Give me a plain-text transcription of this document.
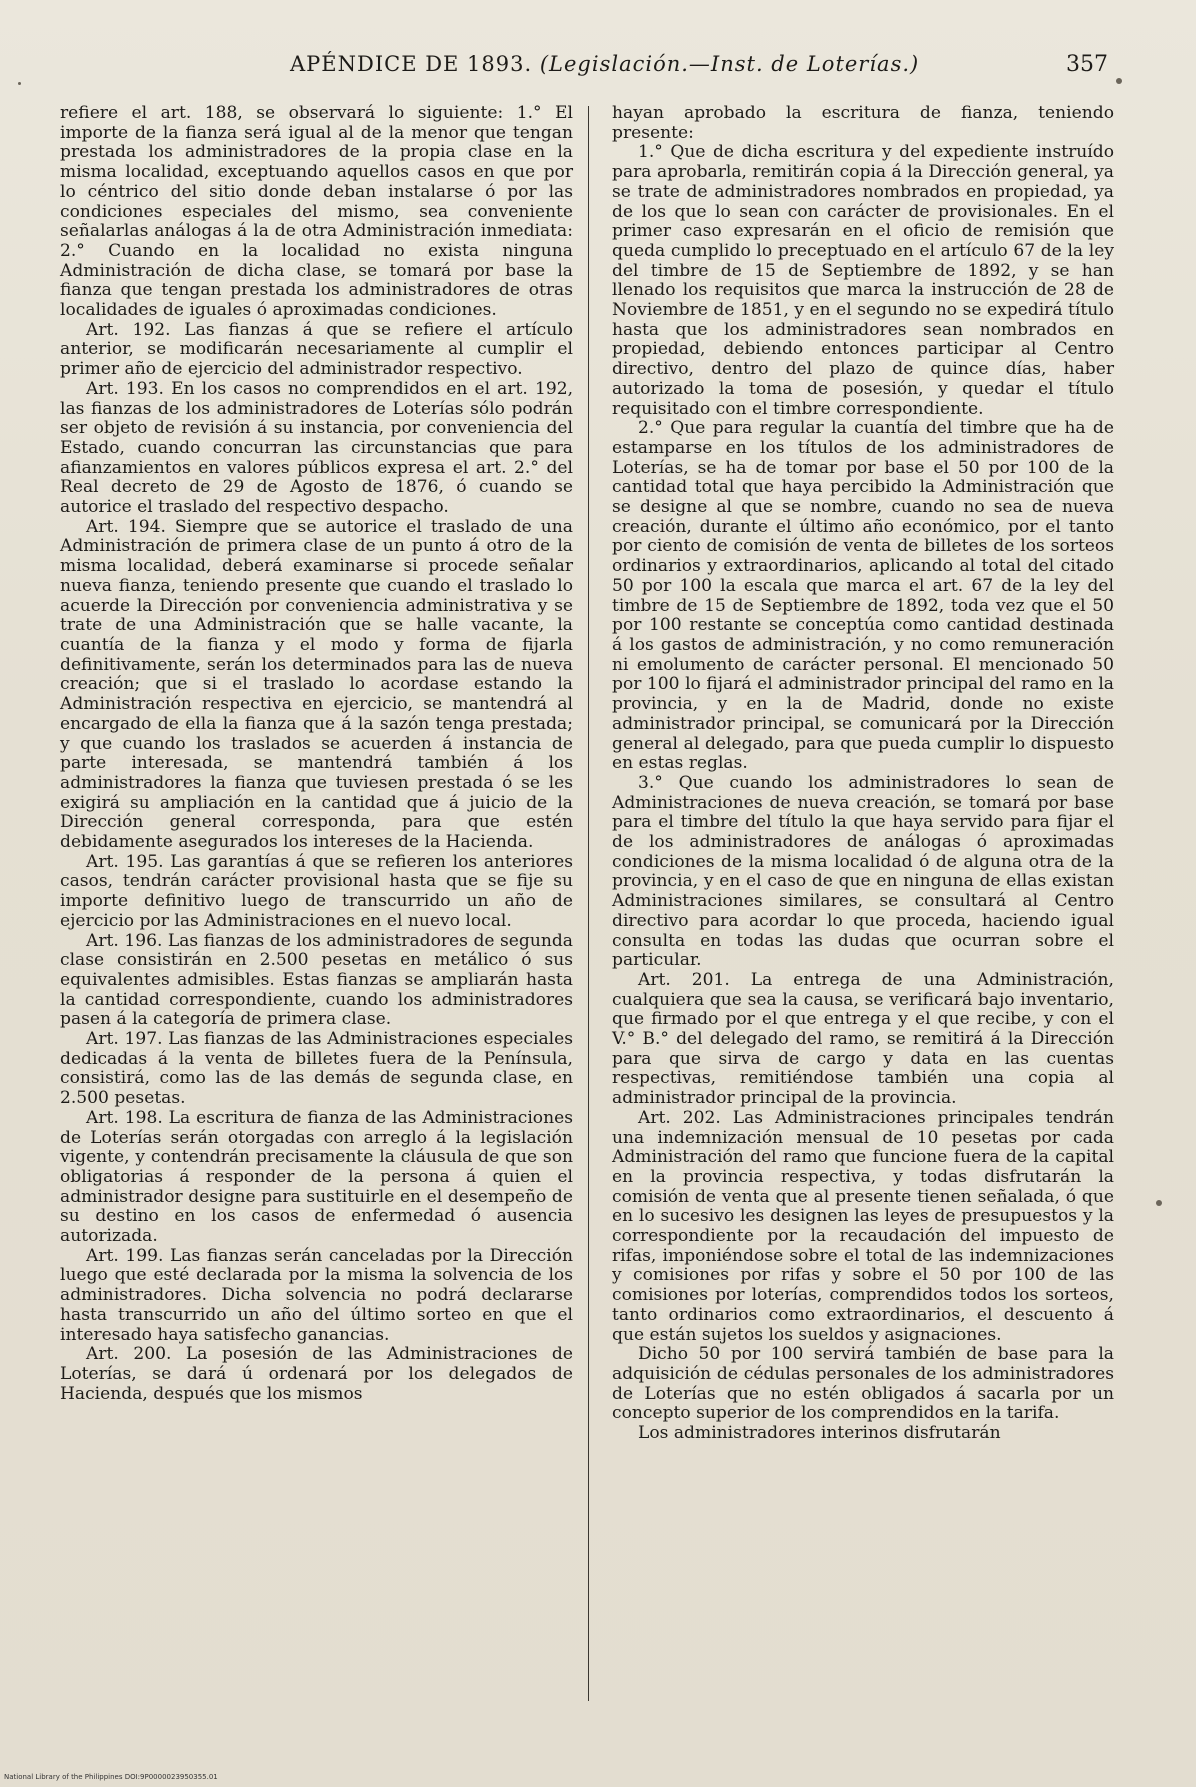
APÉNDICE DE 1893. (Legislación.—Inst. de Loterías.)	357

refiere el art. 188, se observará lo siguiente: 1.° El importe de la fianza será igual al de la menor que tengan prestada los administradores de la propia clase en la misma localidad, exceptuando aquellos casos en que por lo céntrico del sitio donde deban instalarse ó por las condiciones especiales del mismo, sea conveniente señalarlas análogas á la de otra Administración inmediata: 2.° Cuando en la localidad no exista ninguna Administración de dicha clase, se tomará por base la fianza que tengan prestada los administradores de otras localidades de iguales ó aproximadas condiciones.

Art. 192. Las fianzas á que se refiere el artículo anterior, se modificarán necesariamente al cumplir el primer año de ejercicio del administrador respectivo.

Art. 193. En los casos no comprendidos en el art. 192, las fianzas de los administradores de Loterías sólo podrán ser objeto de revisión á su instancia, por conveniencia del Estado, cuando concurran las circunstancias que para afianzamientos en valores públicos expresa el art. 2.° del Real decreto de 29 de Agosto de 1876, ó cuando se autorice el traslado del respectivo despacho.

Art. 194. Siempre que se autorice el traslado de una Administración de primera clase de un punto á otro de la misma localidad, deberá examinarse si procede señalar nueva fianza, teniendo presente que cuando el traslado lo acuerde la Dirección por conveniencia administrativa y se trate de una Administración que se halle vacante, la cuantía de la fianza y el modo y forma de fijarla definitivamente, serán los determinados para las de nueva creación; que si el traslado lo acordase estando la Administración respectiva en ejercicio, se mantendrá al encargado de ella la fianza que á la sazón tenga prestada; y que cuando los traslados se acuerden á instancia de parte interesada, se mantendrá también á los administradores la fianza que tuviesen prestada ó se les exigirá su ampliación en la cantidad que á juicio de la Dirección general corresponda, para que estén debidamente asegurados los intereses de la Hacienda.

Art. 195. Las garantías á que se refieren los anteriores casos, tendrán carácter provisional hasta que se fije su importe definitivo luego de transcurrido un año de ejercicio por las Administraciones en el nuevo local.

Art. 196. Las fianzas de los administradores de segunda clase consistirán en 2.500 pesetas en metálico ó sus equivalentes admisibles. Estas fianzas se ampliarán hasta la cantidad correspondiente, cuando los administradores pasen á la categoría de primera clase.

Art. 197. Las fianzas de las Administraciones especiales dedicadas á la venta de billetes fuera de la Península, consistirá, como las de las demás de segunda clase, en 2.500 pesetas.

Art. 198. La escritura de fianza de las Administraciones de Loterías serán otorgadas con arreglo á la legislación vigente, y contendrán precisamente la cláusula de que son obligatorias á responder de la persona á quien el administrador designe para sustituirle en el desempeño de su destino en los casos de enfermedad ó ausencia autorizada.

Art. 199. Las fianzas serán canceladas por la Dirección luego que esté declarada por la misma la solvencia de los administradores. Dicha solvencia no podrá declararse hasta transcurrido un año del último sorteo en que el interesado haya satisfecho ganancias.

Art. 200. La posesión de las Administraciones de Loterías, se dará ú ordenará por los delegados de Hacienda, después que los mismos

hayan aprobado la escritura de fianza, teniendo presente:

1.° Que de dicha escritura y del expediente instruído para aprobarla, remitirán copia á la Dirección general, ya se trate de administradores nombrados en propiedad, ya de los que lo sean con carácter de provisionales. En el primer caso expresarán en el oficio de remisión que queda cumplido lo preceptuado en el artículo 67 de la ley del timbre de 15 de Septiembre de 1892, y se han llenado los requisitos que marca la instrucción de 28 de Noviembre de 1851, y en el segundo no se expedirá título hasta que los administradores sean nombrados en propiedad, debiendo entonces participar al Centro directivo, dentro del plazo de quince días, haber autorizado la toma de posesión, y quedar el título requisitado con el timbre correspondiente.

2.° Que para regular la cuantía del timbre que ha de estamparse en los títulos de los administradores de Loterías, se ha de tomar por base el 50 por 100 de la cantidad total que haya percibido la Administración que se designe al que se nombre, cuando no sea de nueva creación, durante el último año económico, por el tanto por ciento de comisión de venta de billetes de los sorteos ordinarios y extraordinarios, aplicando al total del citado 50 por 100 la escala que marca el art. 67 de la ley del timbre de 15 de Septiembre de 1892, toda vez que el 50 por 100 restante se conceptúa como cantidad destinada á los gastos de administración, y no como remuneración ni emolumento de carácter personal. El mencionado 50 por 100 lo fijará el administrador principal del ramo en la provincia, y en la de Madrid, donde no existe administrador principal, se comunicará por la Dirección general al delegado, para que pueda cumplir lo dispuesto en estas reglas.

3.° Que cuando los administradores lo sean de Administraciones de nueva creación, se tomará por base para el timbre del título la que haya servido para fijar el de los administradores de análogas ó aproximadas condiciones de la misma localidad ó de alguna otra de la provincia, y en el caso de que en ninguna de ellas existan Administraciones similares, se consultará al Centro directivo para acordar lo que proceda, haciendo igual consulta en todas las dudas que ocurran sobre el particular.

Art. 201. La entrega de una Administración, cualquiera que sea la causa, se verificará bajo inventario, que firmado por el que entrega y el que recibe, y con el V.° B.° del delegado del ramo, se remitirá á la Dirección para que sirva de cargo y data en las cuentas respectivas, remitiéndose también una copia al administrador principal de la provincia.

Art. 202. Las Administraciones principales tendrán una indemnización mensual de 10 pesetas por cada Administración del ramo que funcione fuera de la capital en la provincia respectiva, y todas disfrutarán la comisión de venta que al presente tienen señalada, ó que en lo sucesivo les designen las leyes de presupuestos y la correspondiente por la recaudación del impuesto de rifas, imponiéndose sobre el total de las indemnizaciones y comisiones por rifas y sobre el 50 por 100 de las comisiones por loterías, comprendidos todos los sorteos, tanto ordinarios como extraordinarios, el descuento á que están sujetos los sueldos y asignaciones.

Dicho 50 por 100 servirá también de base para la adquisición de cédulas personales de los administradores de Loterías que no estén obligados á sacarla por un concepto superior de los comprendidos en la tarifa.

Los administradores interinos disfrutarán

National Library of the Philippines DOI:9P0000023950355.01
